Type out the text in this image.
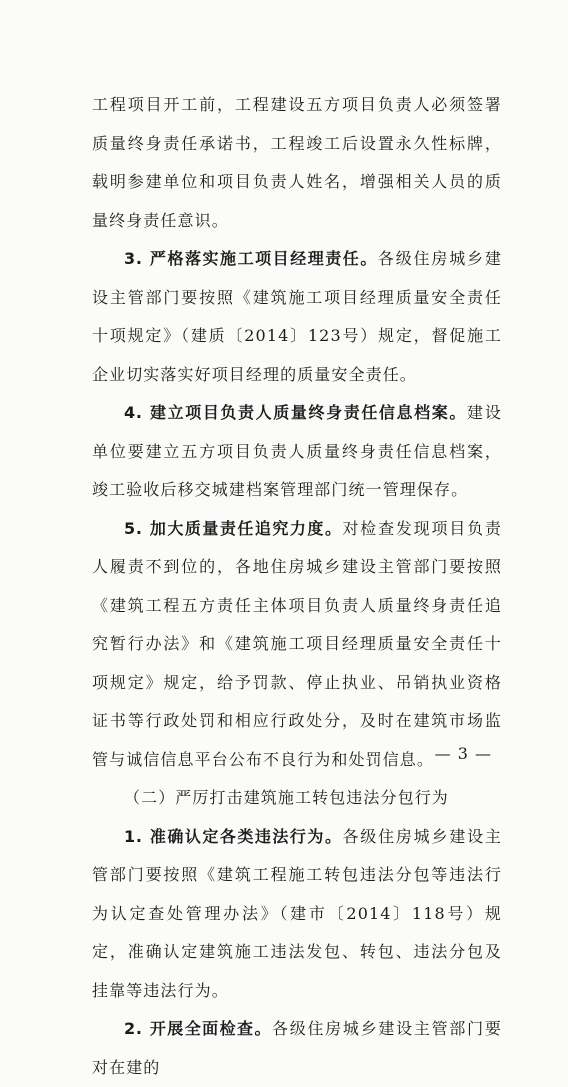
工程项目开工前，工程建设五方项目负责人必须签署质量终身责任承诺书，工程竣工后设置永久性标牌，载明参建单位和项目负责人姓名，增强相关人员的质量终身责任意识。

3. 严格落实施工项目经理责任。各级住房城乡建设主管部门要按照《建筑施工项目经理质量安全责任十项规定》（建质〔2014〕123号）规定，督促施工企业切实落实好项目经理的质量安全责任。

4. 建立项目负责人质量终身责任信息档案。建设单位要建立五方项目负责人质量终身责任信息档案，竣工验收后移交城建档案管理部门统一管理保存。

5. 加大质量责任追究力度。对检查发现项目负责人履责不到位的，各地住房城乡建设主管部门要按照《建筑工程五方责任主体项目负责人质量终身责任追究暂行办法》和《建筑施工项目经理质量安全责任十项规定》规定，给予罚款、停止执业、吊销执业资格证书等行政处罚和相应行政处分，及时在建筑市场监管与诚信信息平台公布不良行为和处罚信息。

（二）严厉打击建筑施工转包违法分包行为

1. 准确认定各类违法行为。各级住房城乡建设主管部门要按照《建筑工程施工转包违法分包等违法行为认定查处管理办法》（建市〔2014〕118号）规定，准确认定建筑施工违法发包、转包、违法分包及挂靠等违法行为。

2. 开展全面检查。各级住房城乡建设主管部门要对在建的

— 3 —
